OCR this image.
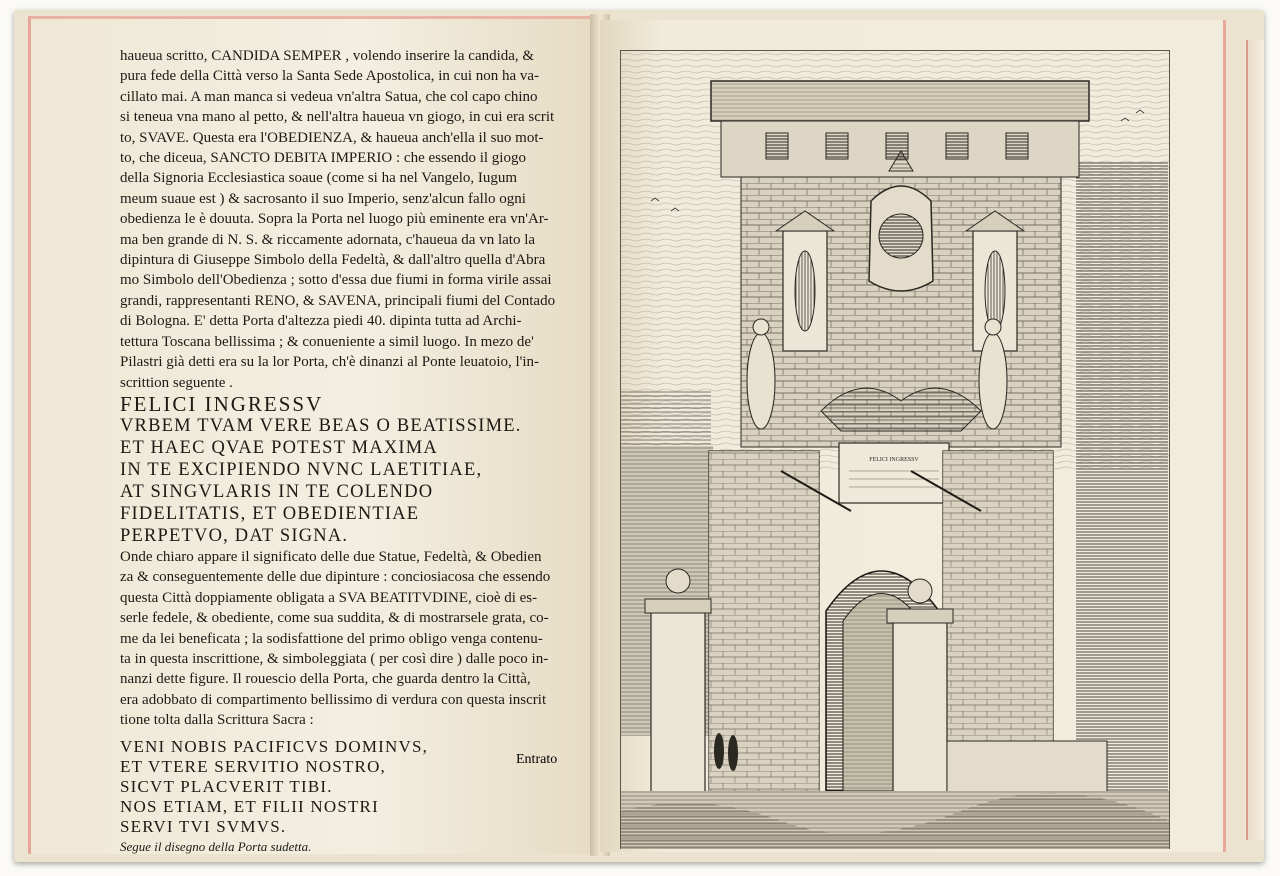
haueua scritto, CANDIDA SEMPER , volendo inserire la candida, &

pura fede della Città verso la Santa Sede Apostolica, in cui non ha va-

cillato mai. A man manca si vedeua vn'altra Satua, che col capo chino

si teneua vna mano al petto, & nell'altra haueua vn giogo, in cui era scrit

to, SVAVE. Questa era l'OBEDIENZA, & haueua anch'ella il suo mot-

to, che diceua, SANCTO DEBITA IMPERIO : che essendo il giogo

della Signoria Ecclesiastica soaue (come si ha nel Vangelo, Iugum

meum suaue est ) & sacrosanto il suo Imperio, senz'alcun fallo ogni

obedienza le è douuta. Sopra la Porta nel luogo più eminente era vn'Ar-

ma ben grande di N. S. & riccamente adornata, c'haueua da vn lato la

dipintura di Giuseppe Simbolo della Fedeltà, & dall'altro quella d'Abra

mo Simbolo dell'Obedienza ; sotto d'essa due fiumi in forma virile assai

grandi, rappresentanti RENO, & SAVENA, principali fiumi del Contado

di Bologna. E' detta Porta d'altezza piedi 40. dipinta tutta ad Archi-

tettura Toscana bellissima ; & conueniente a simil luogo. In mezo de'

Pilastri già detti era su la lor Porta, ch'è dinanzi al Ponte leuatoio, l'in-

scrittion seguente .

FELICI INGRESSV

VRBEM TVAM VERE BEAS O BEATISSIME.

ET HAEC QVAE POTEST MAXIMA

IN TE EXCIPIENDO NVNC LAETITIAE,

AT SINGVLARIS IN TE COLENDO

FIDELITATIS, ET OBEDIENTIAE

PERPETVO, DAT SIGNA.

Onde chiaro appare il significato delle due Statue, Fedeltà, & Obedien

za & conseguentemente delle due dipinture : conciosiacosa che essendo

questa Città doppiamente obligata a SVA BEATITVDINE, cioè di es-

serle fedele, & obediente, come sua suddita, & di mostrarsele grata, co-

me da lei beneficata ; la sodisfattione del primo obligo venga contenu-

ta in questa inscrittione, & simboleggiata ( per così dire ) dalle poco in-

nanzi dette figure. Il rouescio della Porta, che guarda dentro la Città,

era adobbato di compartimento bellissimo di verdura con questa inscrit

tione tolta dalla Scrittura Sacra :

VENI NOBIS PACIFICVS DOMINVS,

ET VTERE SERVITIO NOSTRO,

SICVT PLACVERIT TIBI.

NOS ETIAM, ET FILII NOSTRI

SERVI TVI SVMVS.

Segue il disegno della Porta sudetta.

Entrato
FELICI INGRESSV
